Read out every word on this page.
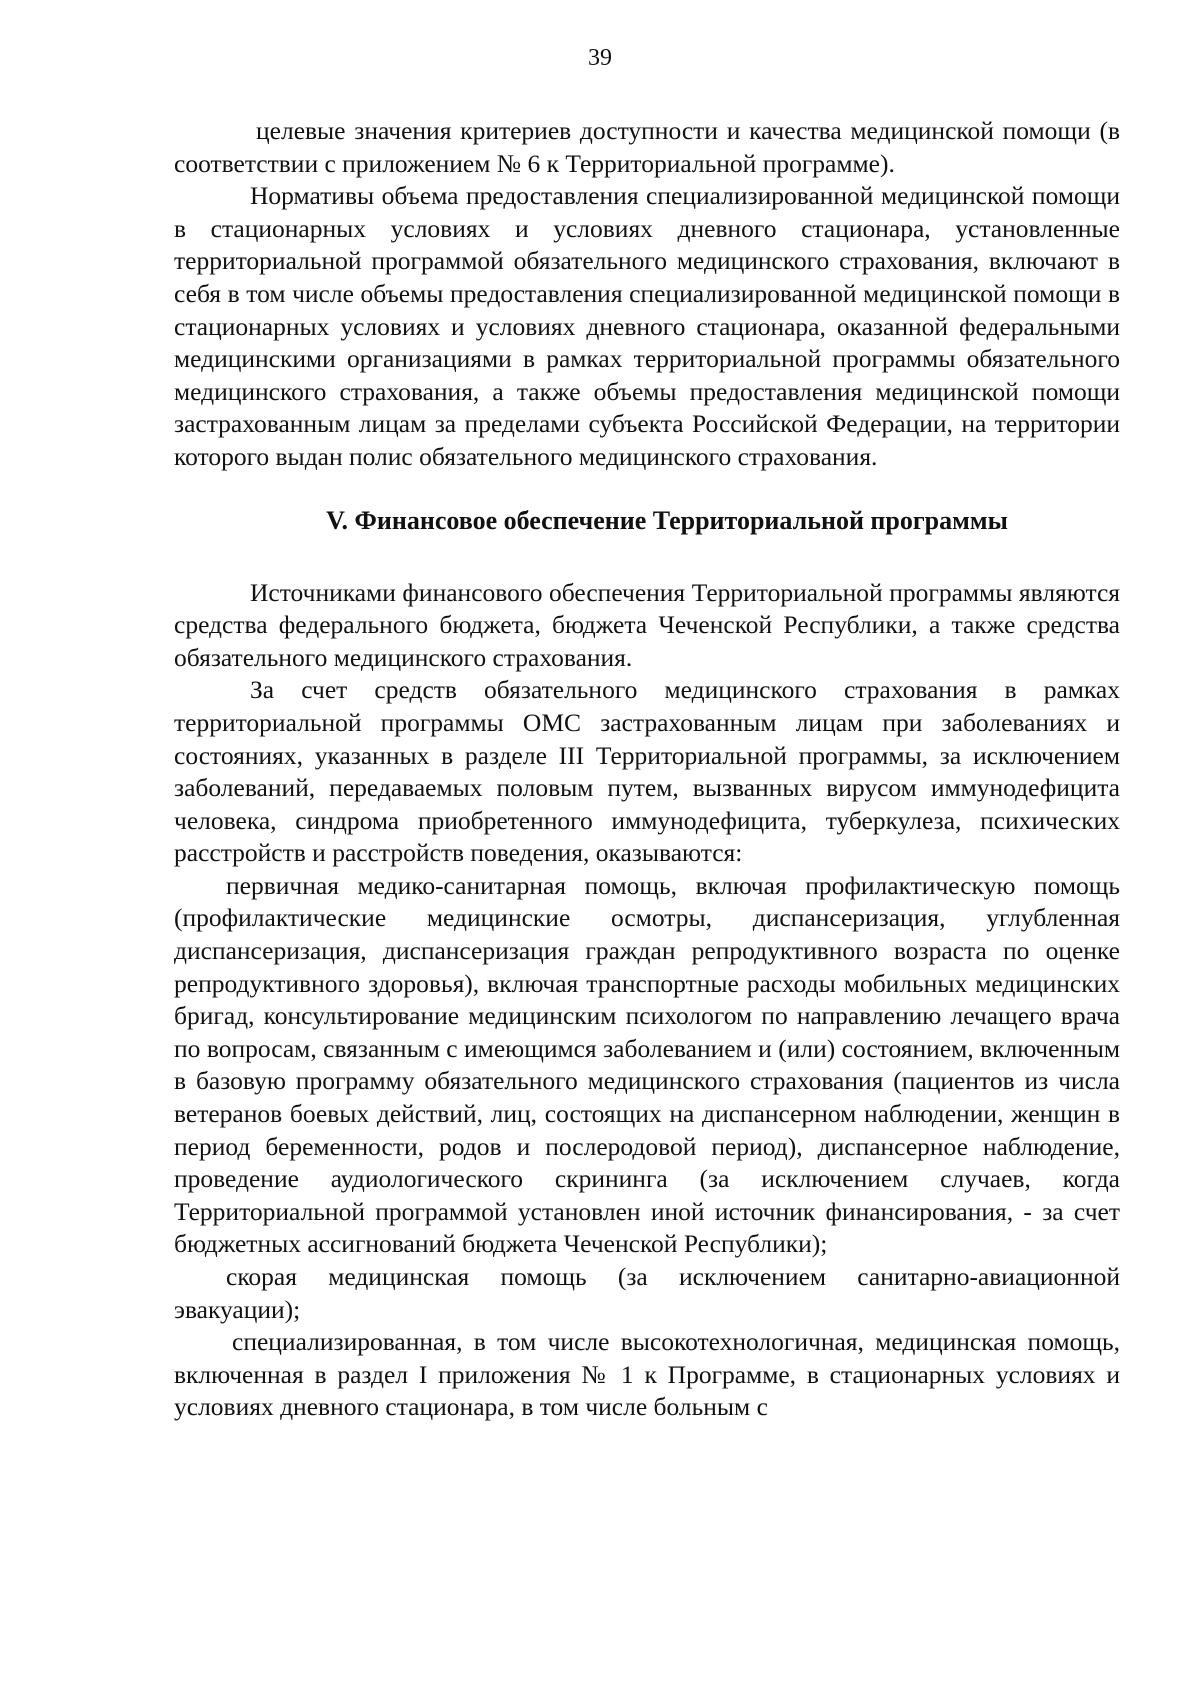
39

целевые значения критериев доступности и качества медицинской помощи (в соответствии с приложением № 6 к Территориальной программе).

Нормативы объема предоставления специализированной медицинской помощи в стационарных условиях и условиях дневного стационара, установленные территориальной программой обязательного медицинского страхования, включают в себя в том числе объемы предоставления специализированной медицинской помощи в стационарных условиях и условиях дневного стационара, оказанной федеральными медицинскими организациями в рамках территориальной программы обязательного медицинского страхования, а также объемы предоставления медицинской помощи застрахованным лицам за пределами субъекта Российской Федерации, на территории которого выдан полис обязательного медицинского страхования.

V. Финансовое обеспечение Территориальной программы

Источниками финансового обеспечения Территориальной программы являются средства федерального бюджета, бюджета Чеченской Республики, а также средства обязательного медицинского страхования.

За счет средств обязательного медицинского страхования в рамках территориальной программы ОМС застрахованным лицам при заболеваниях и состояниях, указанных в разделе III Территориальной программы, за исключением заболеваний, передаваемых половым путем, вызванных вирусом иммунодефицита человека, синдрома приобретенного иммунодефицита, туберкулеза, психических расстройств и расстройств поведения, оказываются:

первичная медико-санитарная помощь, включая профилактическую помощь (профилактические медицинские осмотры, диспансеризация, углубленная диспансеризация, диспансеризация граждан репродуктивного возраста по оценке репродуктивного здоровья), включая транспортные расходы мобильных медицинских бригад, консультирование медицинским психологом по направлению лечащего врача по вопросам, связанным с имеющимся заболеванием и (или) состоянием, включенным в базовую программу обязательного медицинского страхования (пациентов из числа ветеранов боевых действий, лиц, состоящих на диспансерном наблюдении, женщин в период беременности, родов и послеродовой период), диспансерное наблюдение, проведение аудиологического скрининга (за исключением случаев, когда Территориальной программой установлен иной источник финансирования, - за счет бюджетных ассигнований бюджета Чеченской Республики);

скорая медицинская помощь (за исключением санитарно-авиационной эвакуации);

специализированная, в том числе высокотехнологичная, медицинская помощь, включенная в раздел I приложения № 1 к Программе, в стационарных условиях и условиях дневного стационара, в том числе больным с
